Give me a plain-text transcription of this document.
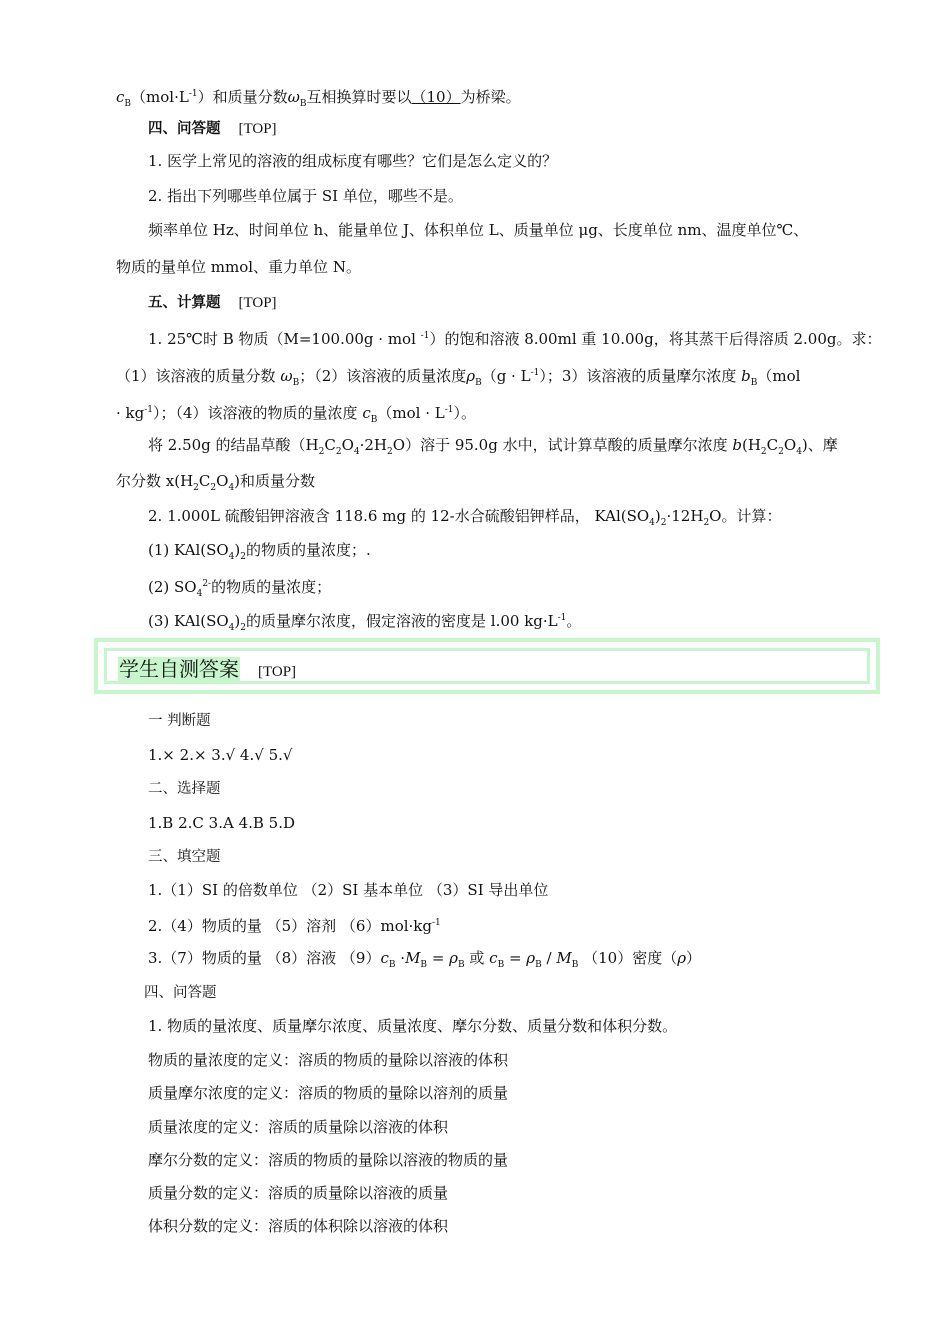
$c_B(mol\cdot L^{-1})$和质量分数$\omega_B$互相换算时要以（10）为桥梁。
四、问答题 [TOP]
1. 医学上常见的溶液的组成标度有哪些？它们是怎么定义的？
2. 指出下列哪些单位属于 SI 单位，哪些不是。
频率单位 Hz、时间单位 h、能量单位 J、体积单位 L、质量单位 μg、长度单位 nm、温度单位℃、
物质的量单位 mmol、重力单位 N。
五、计算题 [TOP]
1. 25℃时 B 物质（M=100.00g · mol $^{-1}$）的饱和溶液 8.00ml 重 10.00g，将其蒸干后得溶质 2.00g。求：
（1）该溶液的质量分数 $\omega_B$；（2）该溶液的质量浓度$\rho_B(g \cdot L^{-1})$；3）该溶液的质量摩尔浓度 $b_B(mol$
· $kg^{-1}$）；（4）该溶液的物质的量浓度 $c_B(mol \cdot L^{-1})$。
将 2.50g 的结晶草酸$(H_2C_2O_4\cdot 2H_2O)$溶于 95.0g 水中，试计算草酸的质量摩尔浓度 $b(H_2C_2O_4)$、摩
尔分数 $x(H_2C_2O_4)$和质量分数
2. 1.000L 硫酸铝钾溶液含 118.6 mg 的 12-水合硫酸铝钾样品， $KAl(SO_4)_2\cdot 12H_2O$。计算：
(1) $KAl(SO_4)_2$的物质的量浓度；.
(2) $SO_4^{2-}$的物质的量浓度；
(3) $KAl(SO_4)_2$的质量摩尔浓度，假定溶液的密度是 l.00 $kg\cdot L^{-1}$。
学生自测答案 [TOP]
一 判断题
1.× 2.× 3.√ 4.√ 5.√
二、选择题
1.B 2.C 3.A 4.B 5.D
三、填空题
1.（1）SI 的倍数单位 （2）SI 基本单位 （3）SI 导出单位
2.（4）物质的量 （5）溶剂 $(6)mol\cdot kg^{-1}$
3.（7）物质的量 （8）溶液 $(9)c_B \cdot M_B = \rho_B$ 或 $c_B = \rho_B / M_B$ （10）密度（ρ）
四、问答题
1. 物质的量浓度、质量摩尔浓度、质量浓度、摩尔分数、质量分数和体积分数。
物质的量浓度的定义：溶质的物质的量除以溶液的体积
质量摩尔浓度的定义：溶质的物质的量除以溶剂的质量
质量浓度的定义：溶质的质量除以溶液的体积
摩尔分数的定义：溶质的物质的量除以溶液的物质的量
质量分数的定义：溶质的质量除以溶液的质量
体积分数的定义：溶质的体积除以溶液的体积
